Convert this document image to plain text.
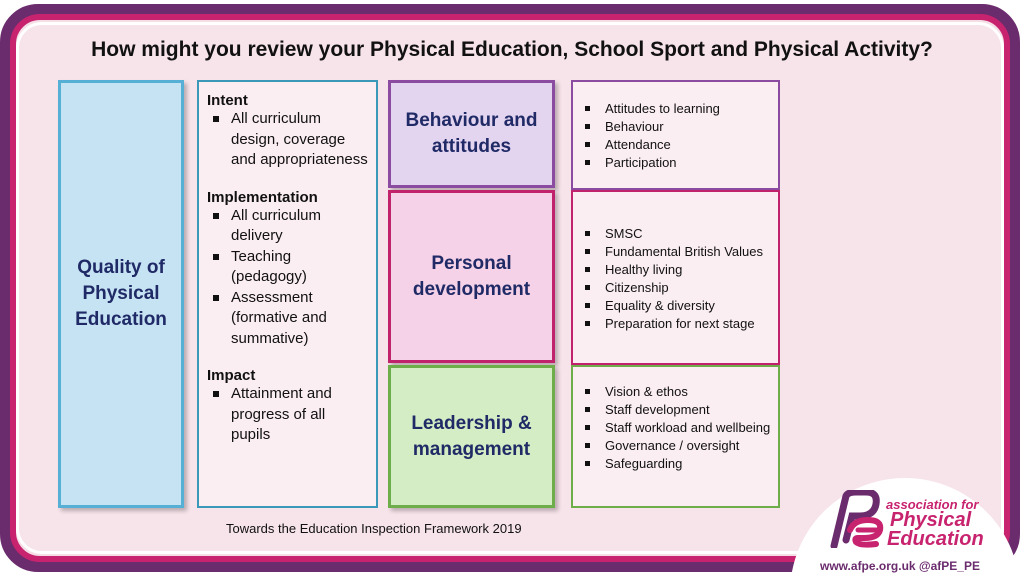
How might you review your Physical Education, School Sport and Physical Activity?
Quality of Physical Education
Intent
All curriculum design, coverage and appropriateness
Implementation
All curriculum delivery
Teaching (pedagogy)
Assessment (formative and summative)
Impact
Attainment and progress of all pupils
Behaviour and attitudes
Personal development
Leadership & management
Attitudes to learning
Behaviour
Attendance
Participation
SMSC
Fundamental British Values
Healthy living
Citizenship
Equality & diversity
Preparation for next stage
Vision & ethos
Staff development
Staff workload and wellbeing
Governance / oversight
Safeguarding
Towards the Education Inspection Framework 2019
association for
Physical
Education
www.afpe.org.uk @afPE_PE
